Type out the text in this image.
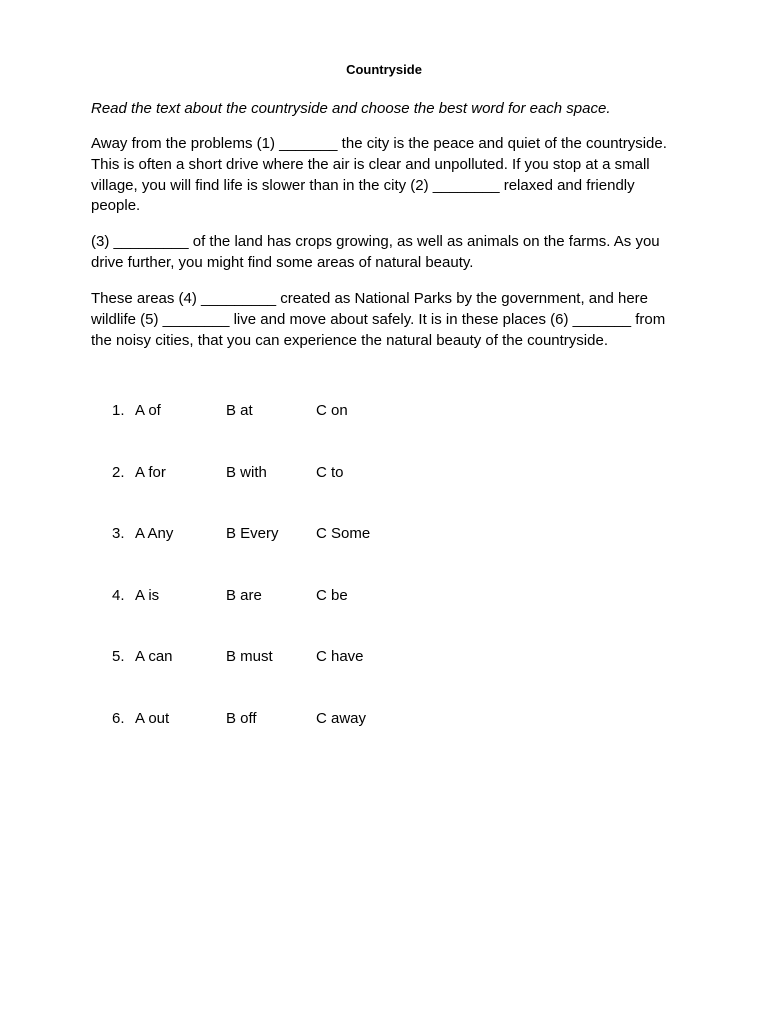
Countryside
Read the text about the countryside and choose the best word for each space.

Away from the problems (1) _______ the city is the peace and quiet of the countryside.
This is often a short drive where the air is clear and unpolluted. If you stop at a small
village, you will find life is slower than in the city (2) ________ relaxed and friendly
people.

(3) _________ of the land has crops growing, as well as animals on the farms. As you
drive further, you might find some areas of natural beauty.

These areas (4) _________ created as National Parks by the government, and here
wildlife (5) ________ live and move about safely. It is in these places (6) _______ from
the noisy cities, that you can experience the natural beauty of the countryside.

1. A of	B at	C on
2. A for	B with	C to
3. A Any	B Every C Some
4. A is	B are	C be
5. A can	B must	C have
6. A out	B off	C away
